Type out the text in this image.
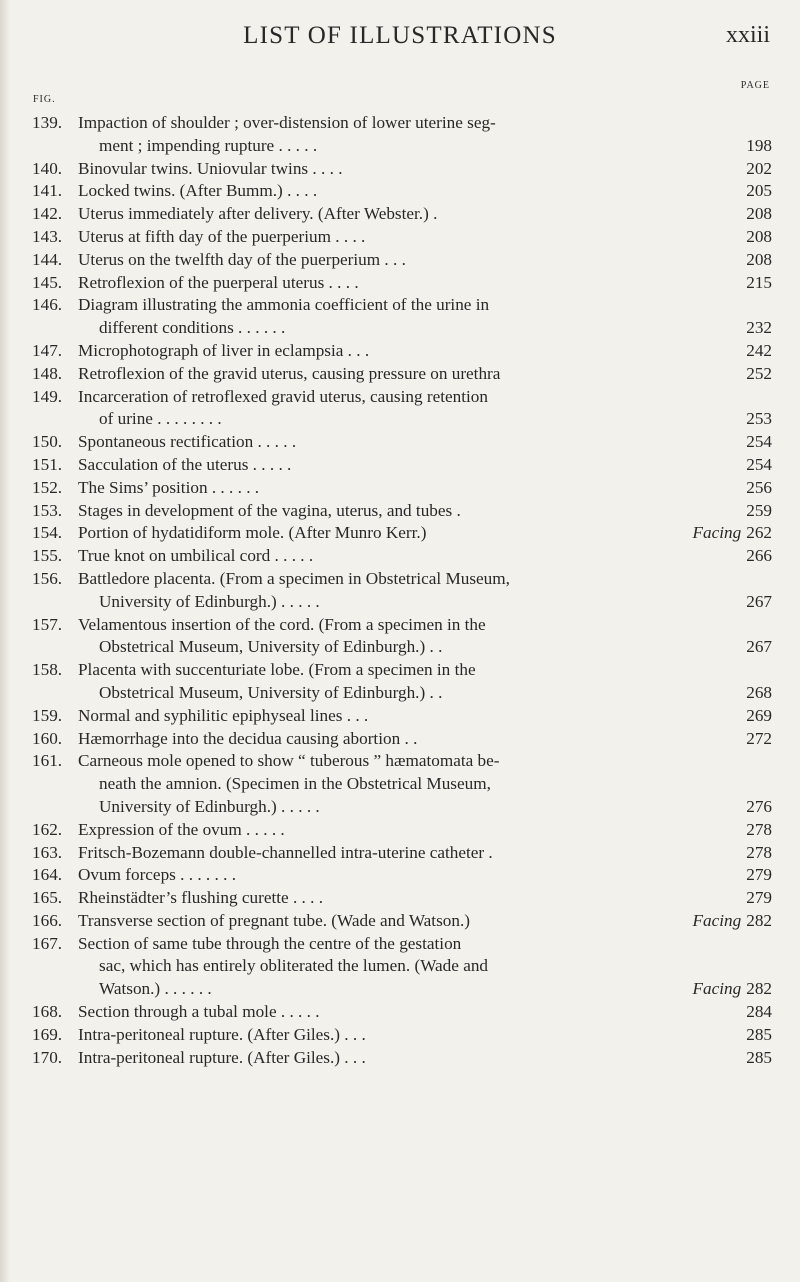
LIST OF ILLUSTRATIONS	xxiii
FIG.
PAGE
139. Impaction of shoulder ; over-distension of lower uterine seg-
ment ; impending rupture . . . . .	198
140. Binovular twins. Uniovular twins . . . .	202
141. Locked twins. (After Bumm.) . . . .	205
142. Uterus immediately after delivery. (After Webster.) .	208
143. Uterus at fifth day of the puerperium . . . .	208
144. Uterus on the twelfth day of the puerperium . . .	208
145. Retroflexion of the puerperal uterus . . . .	215
146. Diagram illustrating the ammonia coefficient of the urine in
different conditions . . . . . .	232
147. Microphotograph of liver in eclampsia . . .	242
148. Retroflexion of the gravid uterus, causing pressure on urethra	252
149. Incarceration of retroflexed gravid uterus, causing retention
of urine . . . . . . . .	253
150. Spontaneous rectification . . . . .	254
151. Sacculation of the uterus . . . . .	254
152. The Sims’ position . . . . . .	256
153. Stages in development of the vagina, uterus, and tubes .	259
154. Portion of hydatidiform mole. (After Munro Kerr.)	Facing 262
155. True knot on umbilical cord . . . . .	266
156. Battledore placenta. (From a specimen in Obstetrical Museum,
University of Edinburgh.) . . . . .	267
157. Velamentous insertion of the cord. (From a specimen in the
Obstetrical Museum, University of Edinburgh.) . .	267
158. Placenta with succenturiate lobe. (From a specimen in the
Obstetrical Museum, University of Edinburgh.) . .	268
159. Normal and syphilitic epiphyseal lines . . .	269
160. Hæmorrhage into the decidua causing abortion . .	272
161. Carneous mole opened to show “ tuberous ” hæmatomata be-
neath the amnion. (Specimen in the Obstetrical Museum,
University of Edinburgh.) . . . . .	276
162. Expression of the ovum . . . . .	278
163. Fritsch-Bozemann double-channelled intra-uterine catheter .	278
164. Ovum forceps . . . . . . .	279
165. Rheinstädter’s flushing curette . . . .	279
166. Transverse section of pregnant tube. (Wade and Watson.)	Facing 282
167. Section of same tube through the centre of the gestation
sac, which has entirely obliterated the lumen. (Wade and
Watson.) . . . . . .	Facing 282
168. Section through a tubal mole . . . . .	284
169. Intra-peritoneal rupture. (After Giles.) . . .	285
170. Intra-peritoneal rupture. (After Giles.) . . .	285
